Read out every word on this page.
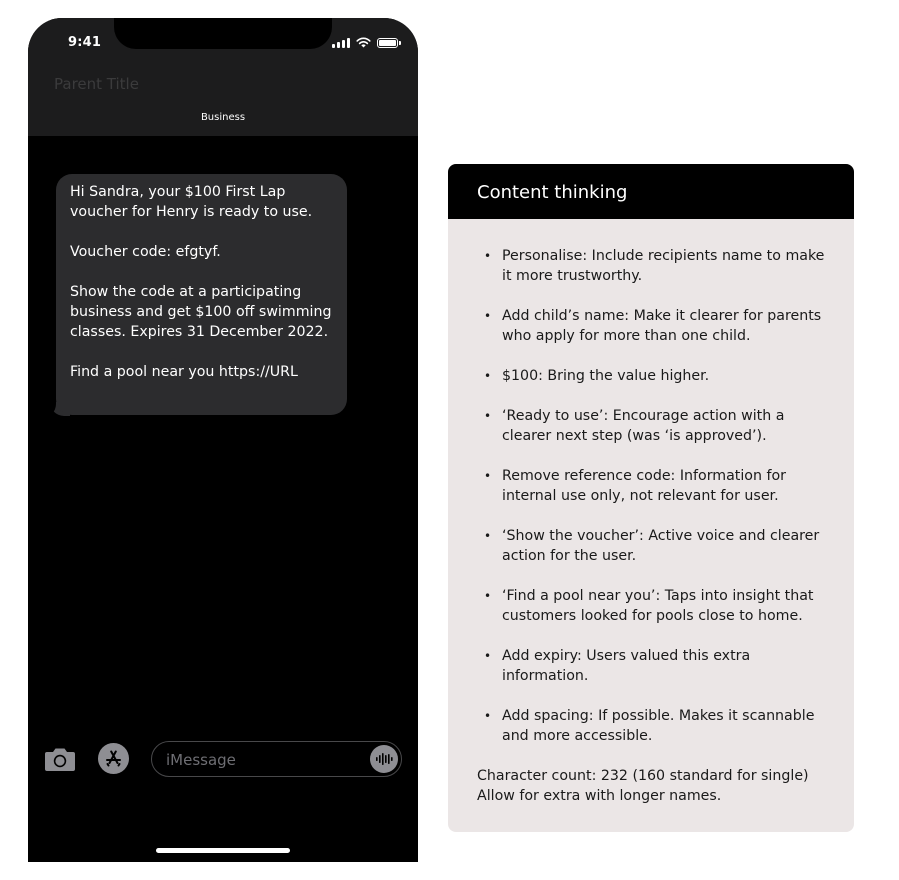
9:41
Parent Title
Business

Hi Sandra, your $100 First Lap
voucher for Henry is ready to use.

Voucher code: efgtyf.

Show the code at a participating
business and get $100 off swimming
classes. Expires 31 December 2022.

Find a pool near you https://URL

iMessage
Content thinking
• Personalise: Include recipients name to make it more trustworthy.
• Add child’s name: Make it clearer for parents who apply for more than one child.
• $100: Bring the value higher.
• ‘Ready to use’: Encourage action with a clearer next step (was ‘is approved’).
• Remove reference code: Information for internal use only, not relevant for user.
• ‘Show the voucher’: Active voice and clearer action for the user.
• ‘Find a pool near you’: Taps into insight that customers looked for pools close to home.
• Add expiry: Users valued this extra information.
• Add spacing: If possible. Makes it scannable and more accessible.
Character count: 232 (160 standard for single)
Allow for extra with longer names.
